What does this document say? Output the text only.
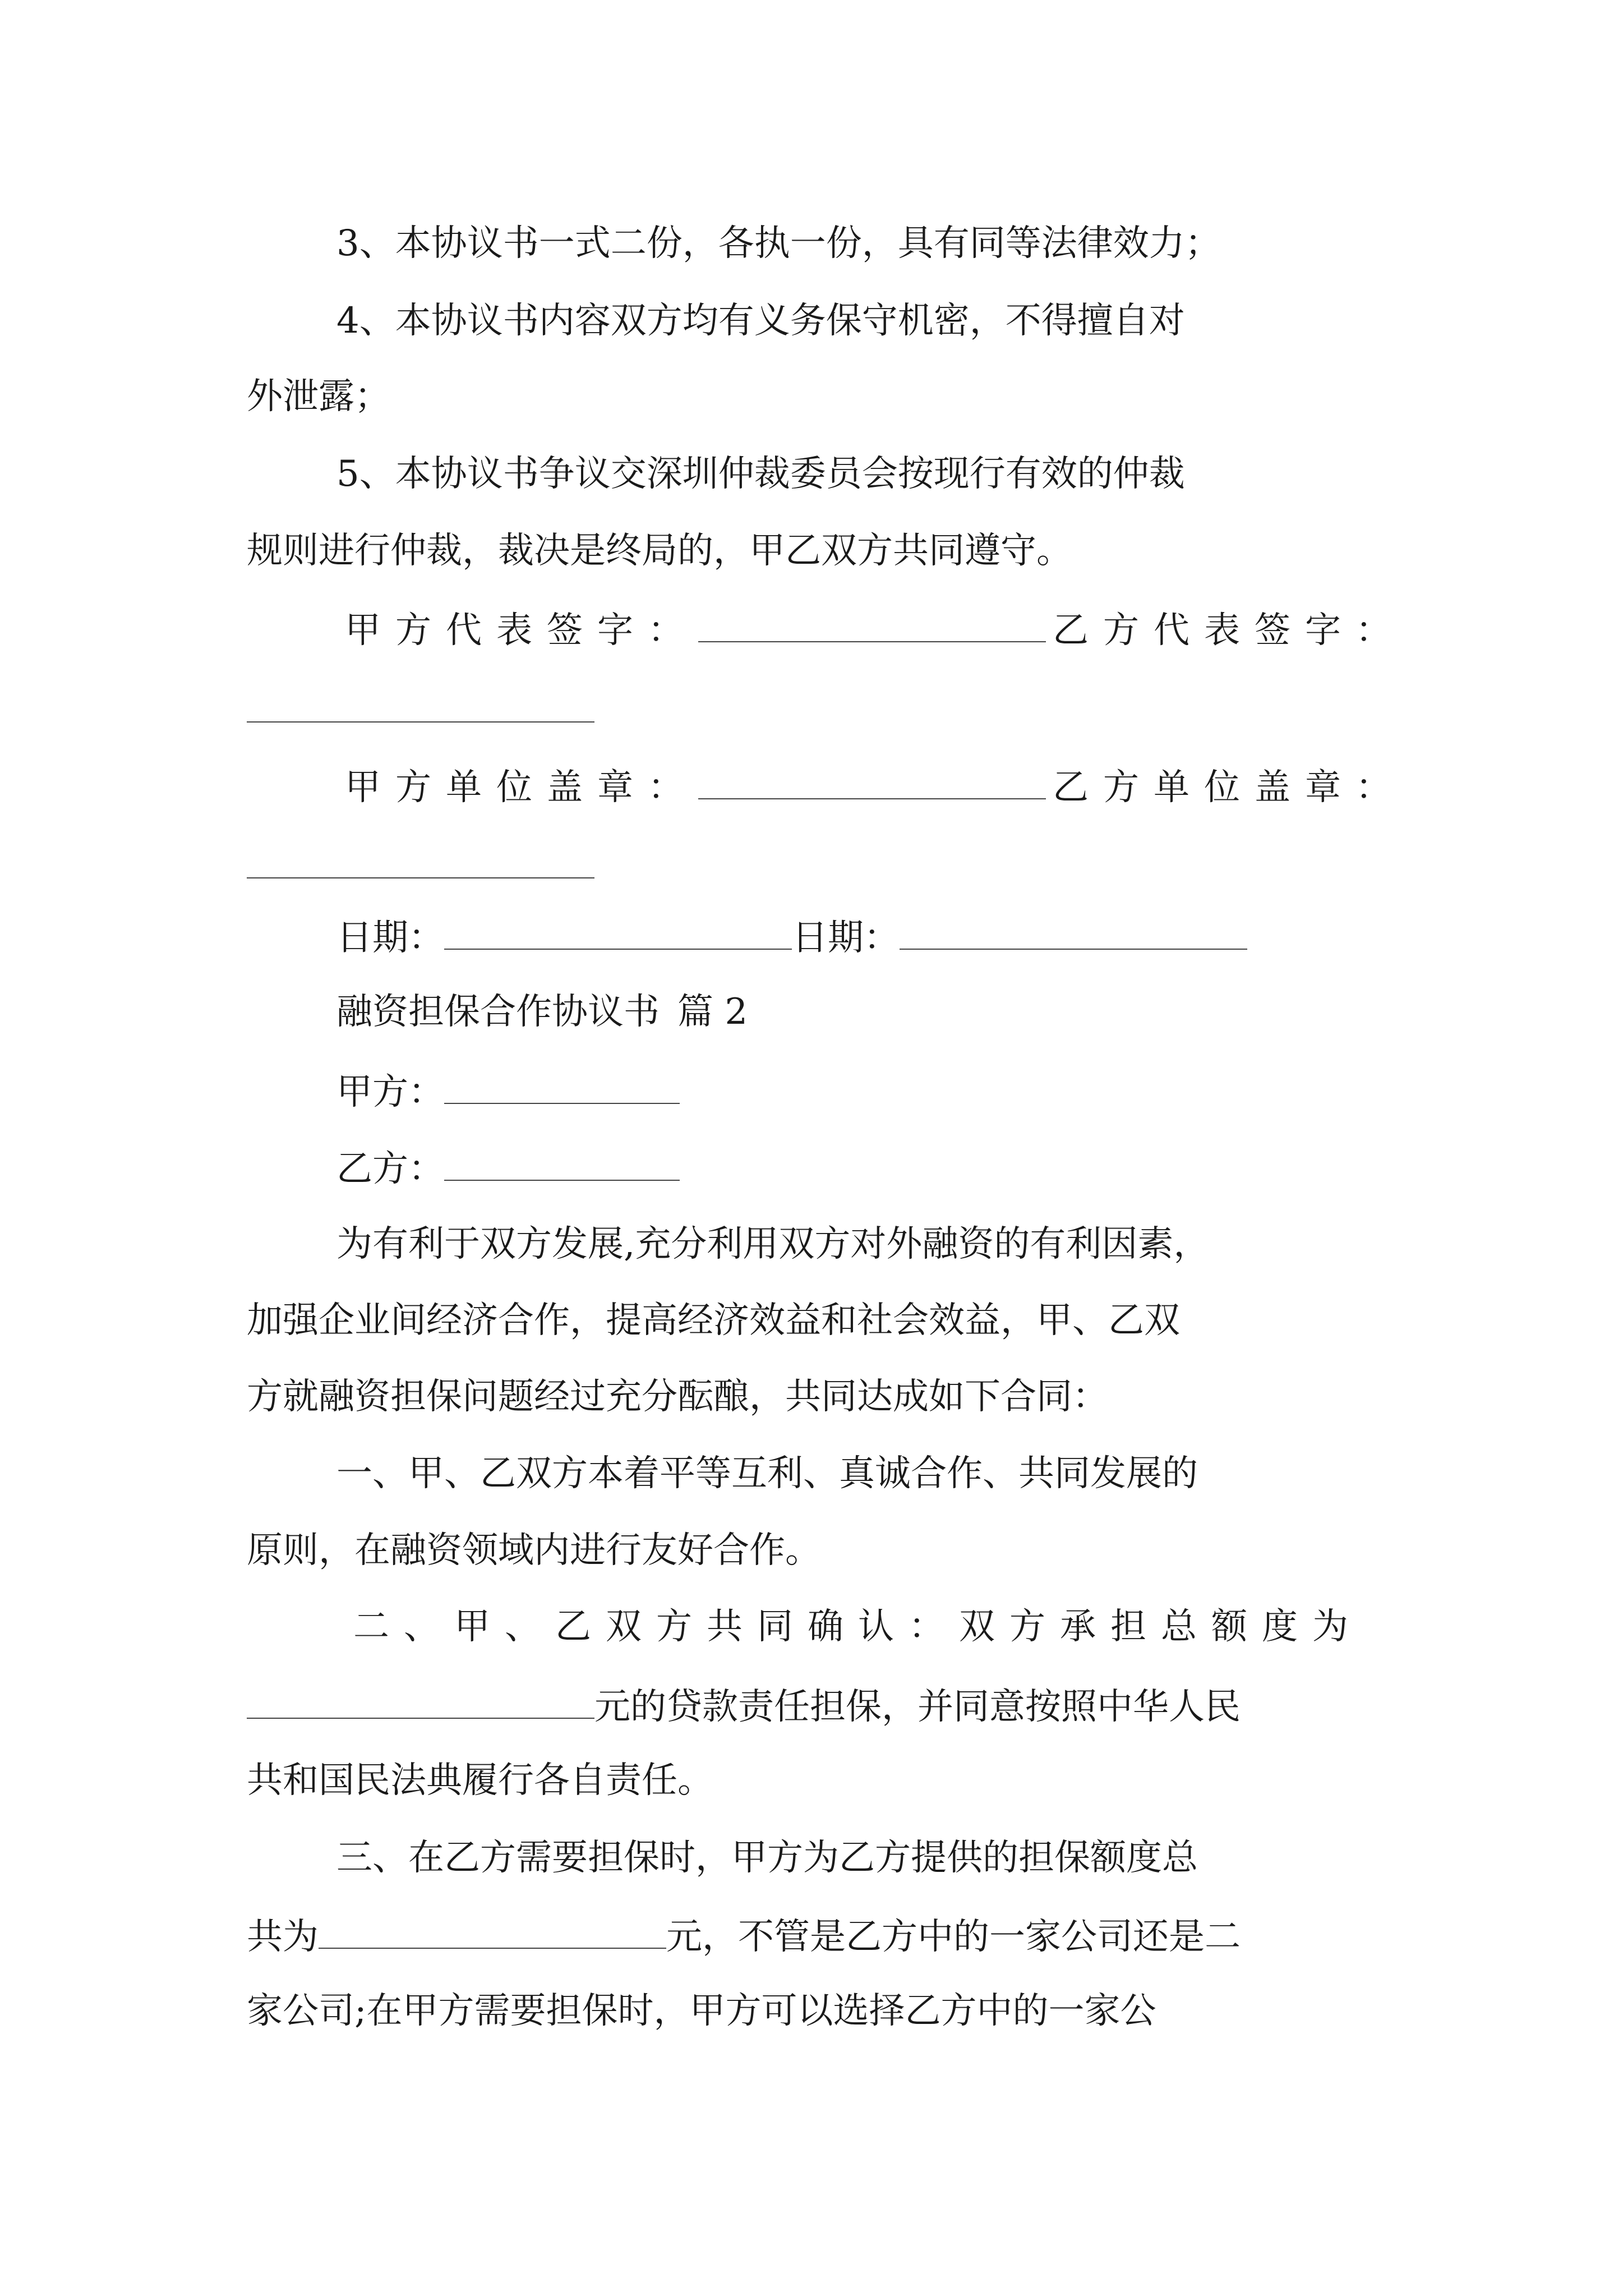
3、本协议书一式二份，各执一份，具有同等法律效力；
4、本协议书内容双方均有义务保守机密，不得擅自对
外泄露；
5、本协议书争议交深圳仲裁委员会按现行有效的仲裁
规则进行仲裁，裁决是终局的，甲乙双方共同遵守。
甲方代表签字：	乙方代表签字：
甲方单位盖章：	乙方单位盖章：
日期：	日期：
融资担保合作协议书 篇 2
甲方：
乙方：
为有利于双方发展,充分利用双方对外融资的有利因素，
加强企业间经济合作，提高经济效益和社会效益，甲、乙双
方就融资担保问题经过充分酝酿，共同达成如下合同：
一、甲、乙双方本着平等互利、真诚合作、共同发展的
原则，在融资领域内进行友好合作。
二、甲、乙双方共同确认：双方承担总额度为
元的贷款责任担保，并同意按照中华人民
共和国民法典履行各自责任。
三、在乙方需要担保时，甲方为乙方提供的担保额度总
共为	元，不管是乙方中的一家公司还是二
家公司;在甲方需要担保时，甲方可以选择乙方中的一家公
